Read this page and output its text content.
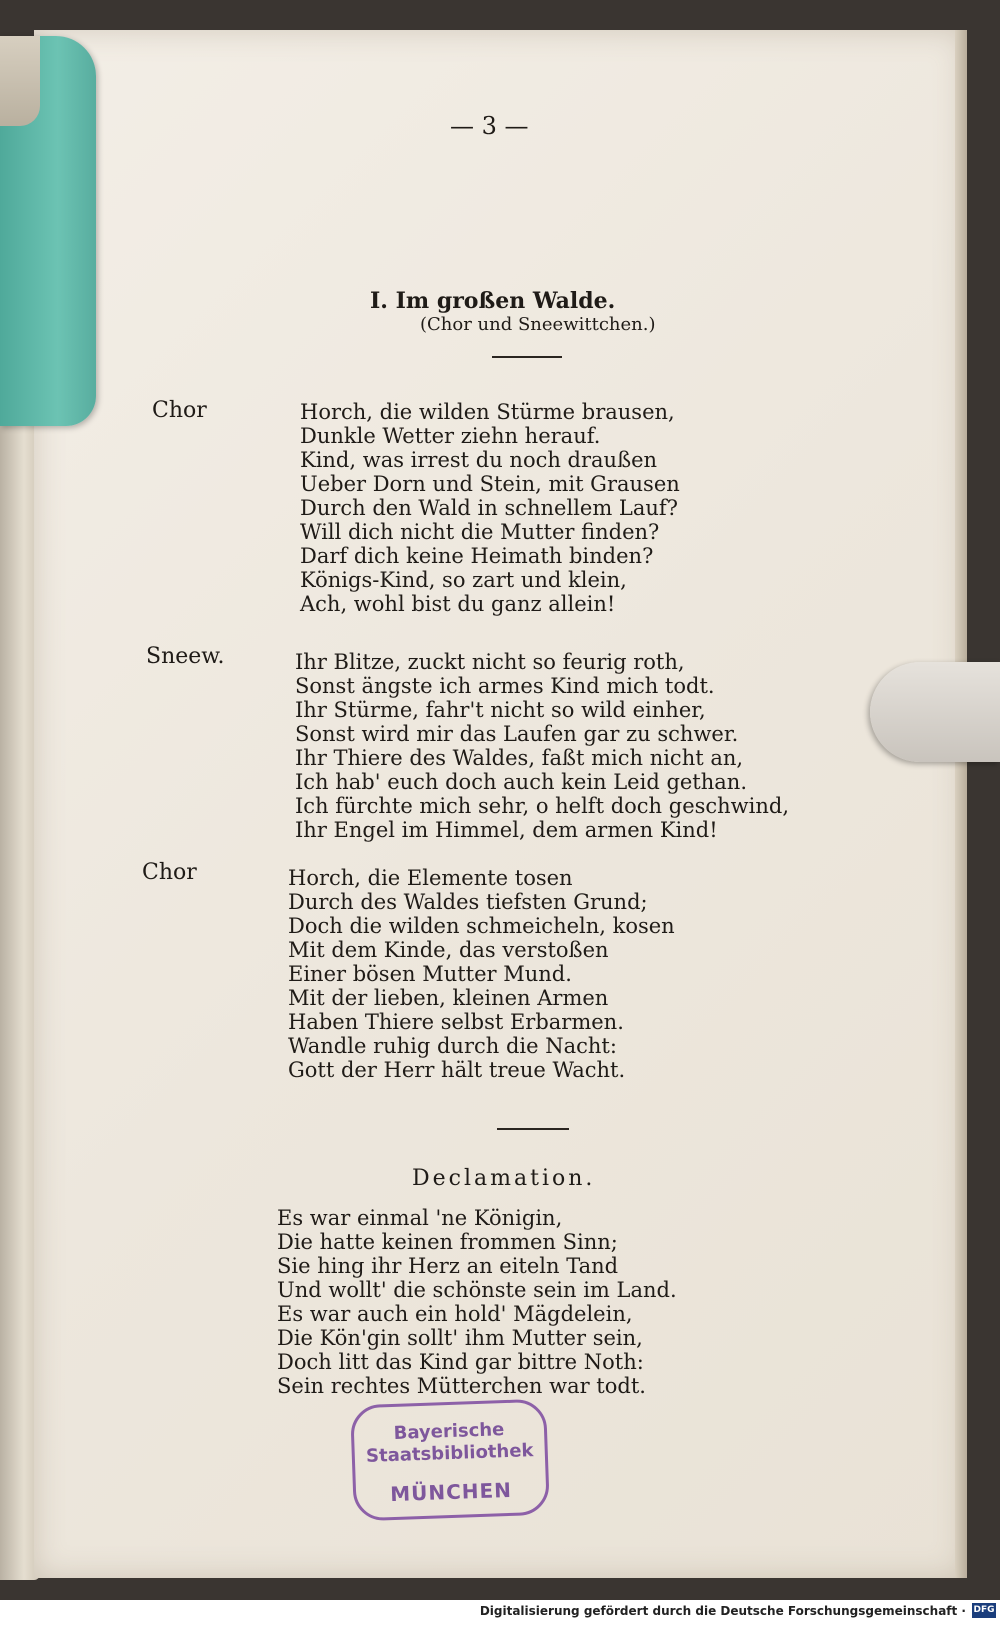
— 3 —
I. Im großen Walde.
(Chor und Sneewittchen.)
Chor	Horch, die wilden Stürme brausen,
Dunkle Wetter ziehn herauf.
Kind, was irrest du noch draußen
Ueber Dorn und Stein, mit Grausen
Durch den Wald in schnellem Lauf?
Will dich nicht die Mutter finden?
Darf dich keine Heimath binden?
Königs-Kind, so zart und klein,
Ach, wohl bist du ganz allein!
Sneew.	Ihr Blitze, zuckt nicht so feurig roth,
Sonst ängste ich armes Kind mich todt.
Ihr Stürme, fahr't nicht so wild einher,
Sonst wird mir das Laufen gar zu schwer.
Ihr Thiere des Waldes, faßt mich nicht an,
Ich hab' euch doch auch kein Leid gethan.
Ich fürchte mich sehr, o helft doch geschwind,
Ihr Engel im Himmel, dem armen Kind!
Chor	Horch, die Elemente tosen
Durch des Waldes tiefsten Grund;
Doch die wilden schmeicheln, kosen
Mit dem Kinde, das verstoßen
Einer bösen Mutter Mund.
Mit der lieben, kleinen Armen
Haben Thiere selbst Erbarmen.
Wandle ruhig durch die Nacht:
Gott der Herr hält treue Wacht.
Declamation.
Es war einmal 'ne Königin,
Die hatte keinen frommen Sinn;
Sie hing ihr Herz an eiteln Tand
Und wollt' die schönste sein im Land.
Es war auch ein hold' Mägdelein,
Die Kön'gin sollt' ihm Mutter sein,
Doch litt das Kind gar bittre Noth:
Sein rechtes Mütterchen war todt.
Bayerische
Staatsbibliothek
MÜNCHEN
Digitalisierung gefördert durch die Deutsche Forschungsgemeinschaft · DFG
